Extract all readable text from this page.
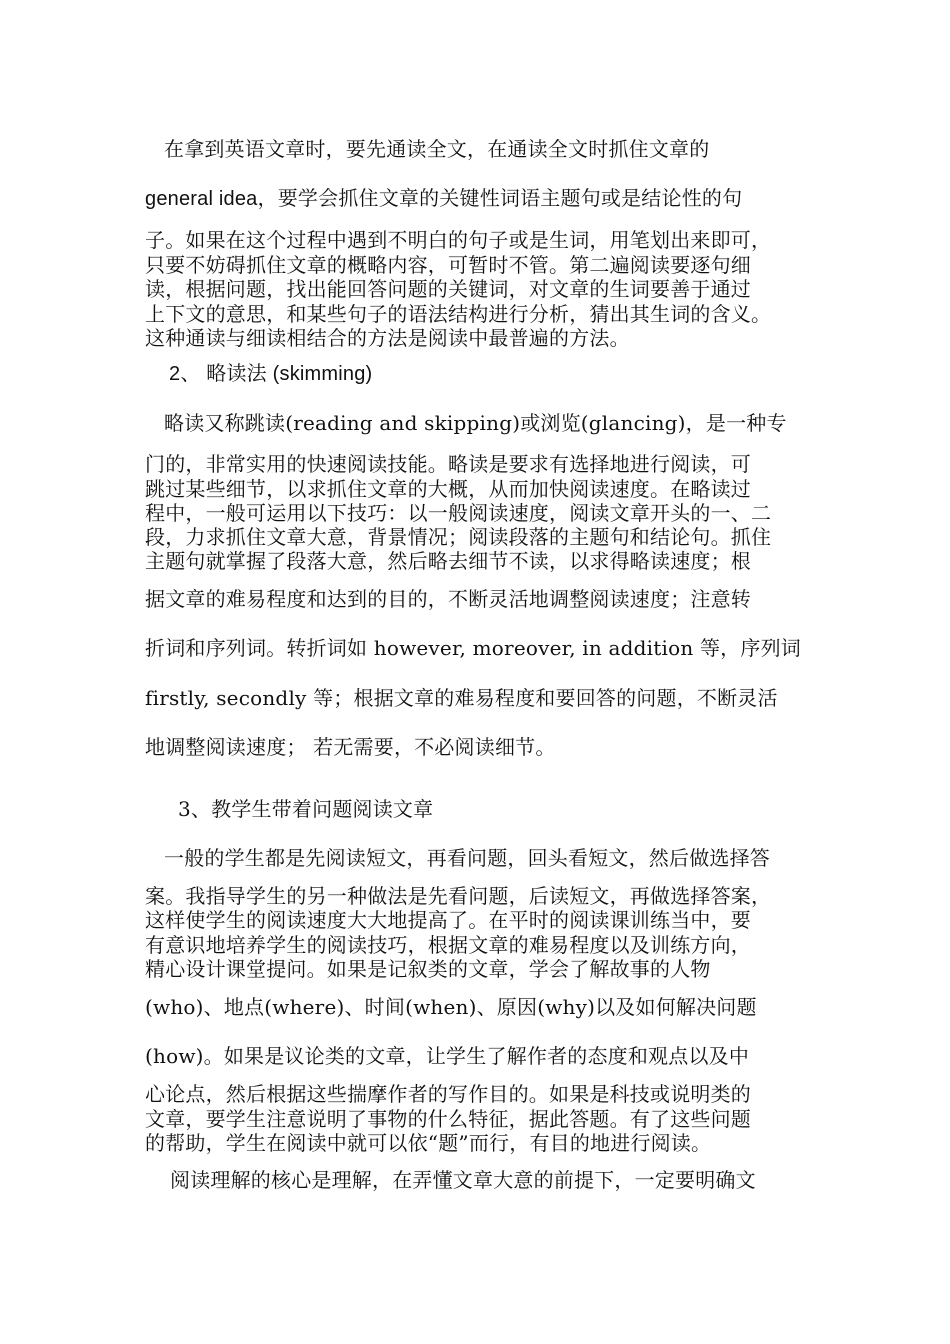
在拿到英语文章时，要先通读全文，在通读全文时抓住文章的
general idea，要学会抓住文章的关键性词语主题句或是结论性的句
子。如果在这个过程中遇到不明白的句子或是生词，用笔划出来即可，
只要不妨碍抓住文章的概略内容，可暂时不管。第二遍阅读要逐句细
读，根据问题，找出能回答问题的关键词，对文章的生词要善于通过
上下文的意思，和某些句子的语法结构进行分析，猜出其生词的含义。
这种通读与细读相结合的方法是阅读中最普遍的方法。
2、 略读法 (skimming)
略读又称跳读(reading and skipping)或浏览(glancing)，是一种专
门的，非常实用的快速阅读技能。略读是要求有选择地进行阅读，可
跳过某些细节，以求抓住文章的大概，从而加快阅读速度。在略读过
程中，一般可运用以下技巧：以一般阅读速度，阅读文章开头的一、二
段，力求抓住文章大意，背景情况；阅读段落的主题句和结论句。抓住
主题句就掌握了段落大意，然后略去细节不读，以求得略读速度；根
据文章的难易程度和达到的目的，不断灵活地调整阅读速度；注意转
折词和序列词。转折词如 however, moreover, in addition 等，序列词
firstly, secondly 等；根据文章的难易程度和要回答的问题，不断灵活
地调整阅读速度； 若无需要，不必阅读细节。
3、教学生带着问题阅读文章
一般的学生都是先阅读短文，再看问题，回头看短文，然后做选择答
案。我指导学生的另一种做法是先看问题，后读短文，再做选择答案，
这样使学生的阅读速度大大地提高了。在平时的阅读课训练当中，要
有意识地培养学生的阅读技巧，根据文章的难易程度以及训练方向，
精心设计课堂提问。如果是记叙类的文章，学会了解故事的人物
(who)、地点(where)、时间(when)、原因(why)以及如何解决问题
(how)。如果是议论类的文章，让学生了解作者的态度和观点以及中
心论点，然后根据这些揣摩作者的写作目的。如果是科技或说明类的
文章，要学生注意说明了事物的什么特征，据此答题。有了这些问题
的帮助，学生在阅读中就可以依“题”而行，有目的地进行阅读。
阅读理解的核心是理解，在弄懂文章大意的前提下，一定要明确文
